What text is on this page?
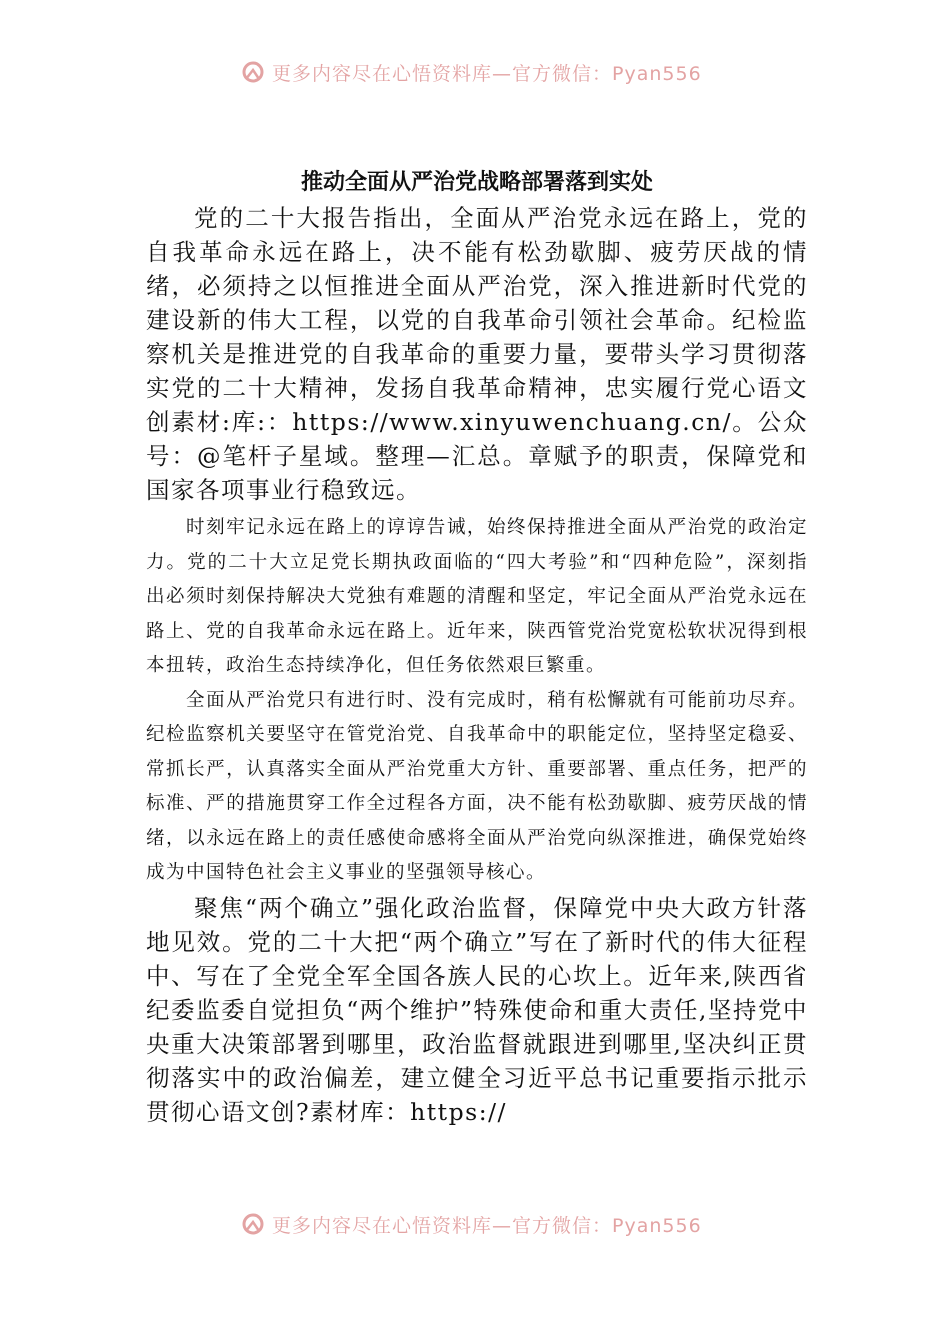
更多内容尽在心悟资料库—官方微信：Pyan556
推动全面从严治党战略部署落到实处

党的二十大报告指出，全面从严治党永远在路上，党的自我革命永远在路上，决不能有松劲歇脚、疲劳厌战的情绪，必须持之以恒推进全面从严治党，深入推进新时代党的建设新的伟大工程，以党的自我革命引领社会革命。纪检监察机关是推进党的自我革命的重要力量，要带头学习贯彻落实党的二十大精神，发扬自我革命精神，忠实履行党心语文创素材:库:：https://www.xinyuwenchuang.cn/。公众号：@笔杆子星域。整理—汇总。章赋予的职责，保障党和国家各项事业行稳致远。

时刻牢记永远在路上的谆谆告诫，始终保持推进全面从严治党的政治定力。党的二十大立足党长期执政面临的“四大考验”和“四种危险”，深刻指出必须时刻保持解决大党独有难题的清醒和坚定，牢记全面从严治党永远在路上、党的自我革命永远在路上。近年来，陕西管党治党宽松软状况得到根本扭转，政治生态持续净化，但任务依然艰巨繁重。

全面从严治党只有进行时、没有完成时，稍有松懈就有可能前功尽弃。纪检监察机关要坚守在管党治党、自我革命中的职能定位，坚持坚定稳妥、常抓长严，认真落实全面从严治党重大方针、重要部署、重点任务，把严的标准、严的措施贯穿工作全过程各方面，决不能有松劲歇脚、疲劳厌战的情绪，以永远在路上的责任感使命感将全面从严治党向纵深推进，确保党始终成为中国特色社会主义事业的坚强领导核心。

聚焦“两个确立”强化政治监督，保障党中央大政方针落地见效。党的二十大把“两个确立”写在了新时代的伟大征程中、写在了全党全军全国各族人民的心坎上。近年来,陕西省纪委监委自觉担负“两个维护”特殊使命和重大责任,坚持党中央重大决策部署到哪里，政治监督就跟进到哪里,坚决纠正贯彻落实中的政治偏差，建立健全习近平总书记重要指示批示贯彻心语文创?素材库：https://

更多内容尽在心悟资料库—官方微信：Pyan556
